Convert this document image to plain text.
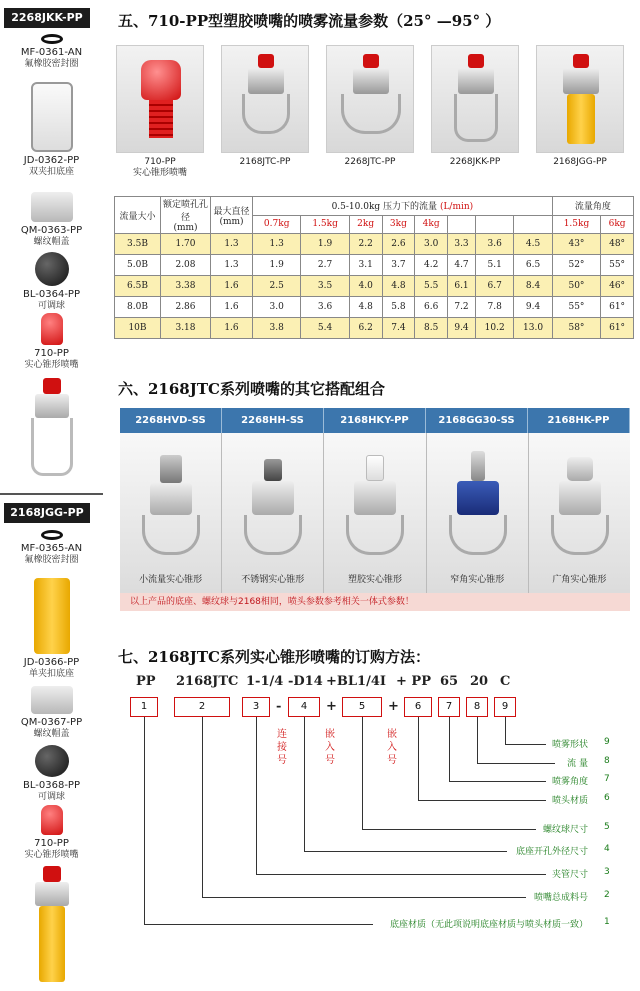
2268JKK-PP
MF-0361-AN
氟橡胶密封圈
JD-0362-PP
双夹扣底座
QM-0363-PP
螺纹帽盖
BL-0364-PP
可调球
710-PP
实心锥形喷嘴
2168JGG-PP
MF-0365-AN
氟橡胶密封圈
JD-0366-PP
单夹扣底座
QM-0367-PP
螺纹帽盖
BL-0368-PP
可调球
710-PP
实心锥形喷嘴
五、710-PP型塑胶喷嘴的喷雾流量参数（25° —95° ）
710-PP
实心锥形喷嘴
2168JTC-PP	2268JTC-PP	2268JKK-PP	2168JGG-PP
流量大小	额定喷孔孔径
(mm)	最大直径
(mm)	0.5-10.0kg 压力下的流量 (L/min)								流量角度	
			0.7kg	1.5kg	2kg	3kg	4kg				1.5kg	6kg
3.5B	1.70	1.3	1.3	1.9	2.2	2.6	3.0	3.3	3.6	4.5	43°	48°
5.0B	2.08	1.3	1.9	2.7	3.1	3.7	4.2	4.7	5.1	6.5	52°	55°
6.5B	3.38	1.6	2.5	3.5	4.0	4.8	5.5	6.1	6.7	8.4	50°	46°
8.0B	2.86	1.6	3.0	3.6	4.8	5.8	6.6	7.2	7.8	9.4	55°	61°
10B	3.18	1.6	3.8	5.4	6.2	7.4	8.5	9.4	10.2	13.0	58°	61°
六、2168JTC系列喷嘴的其它搭配组合
2268HVD-SS	2268HH-SS	2168HKY-PP	2168GG30-SS	2168HK-PP
小流量实心锥形	不锈钢实心锥形	塑胶实心锥形	窄角实心锥形	广角实心锥形
以上产品的底座、螺纹球与2168相同，喷头参数参考相关一体式参数！
七、2168JTC系列实心锥形喷嘴的订购方法：
PP 2168JTC 1-1/4 -D14 +BL1/4I + PP 65 20 C
1	2	3	-	4	+	5	+	6	7	8	9
连
接
号
嵌
入
号
嵌
入
号
喷雾形状 9
流 量 8
喷雾角度 7
喷头材质 6
螺纹球尺寸 5
底座开孔外径尺寸 4
夹管尺寸 3
喷嘴总成料号 2
底座材质（无此项说明底座材质与喷头材质一致） 1
